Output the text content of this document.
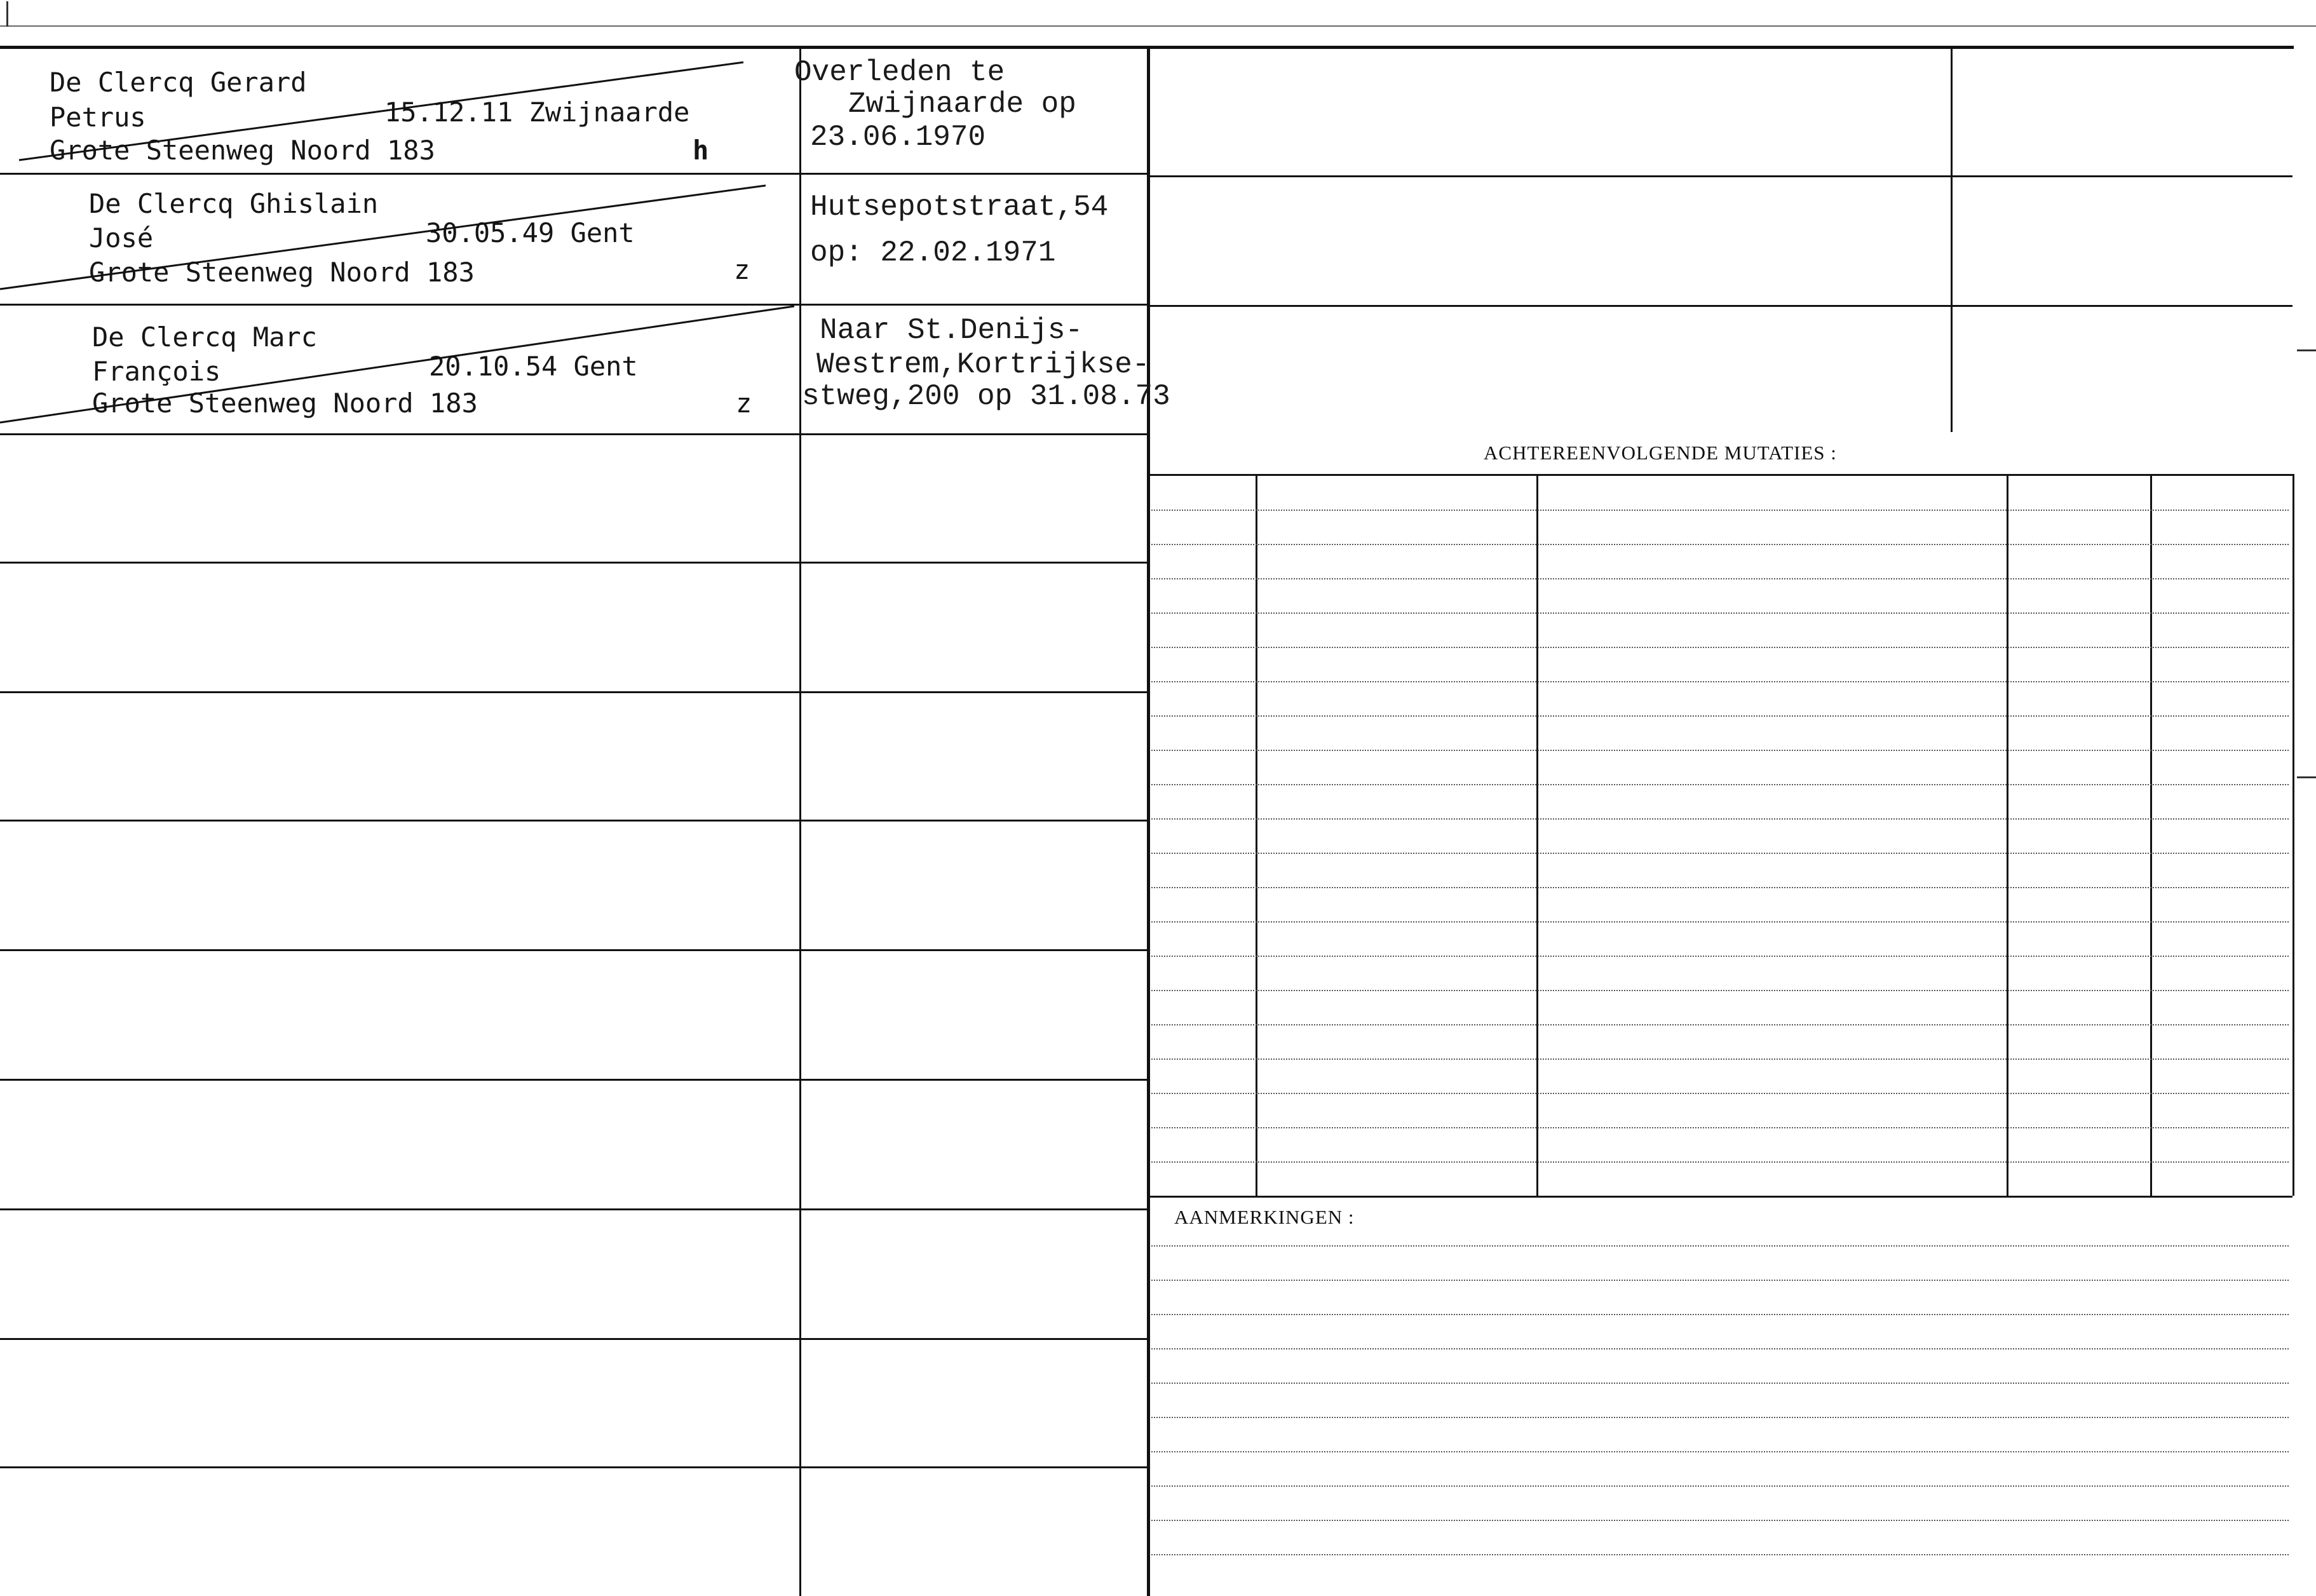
ACHTEREENVOLGENDE MUTATIES :
AANMERKINGEN :
De Clercq Gerard
Petrus	15.12.11 Zwijnaarde
Grote Steenweg Noord 183	h
Overleden te
Zwijnaarde op
23.06.1970
De Clercq Ghislain
José	30.05.49 Gent
Grote Steenweg Noord 183	z
Hutsepotstraat,54
op: 22.02.1971
De Clercq Marc
François	20.10.54 Gent
Grote Steenweg Noord 183	z
Naar St.Denijs-
Westrem,Kortrijkse-
stweg,200 op 31.08.73
